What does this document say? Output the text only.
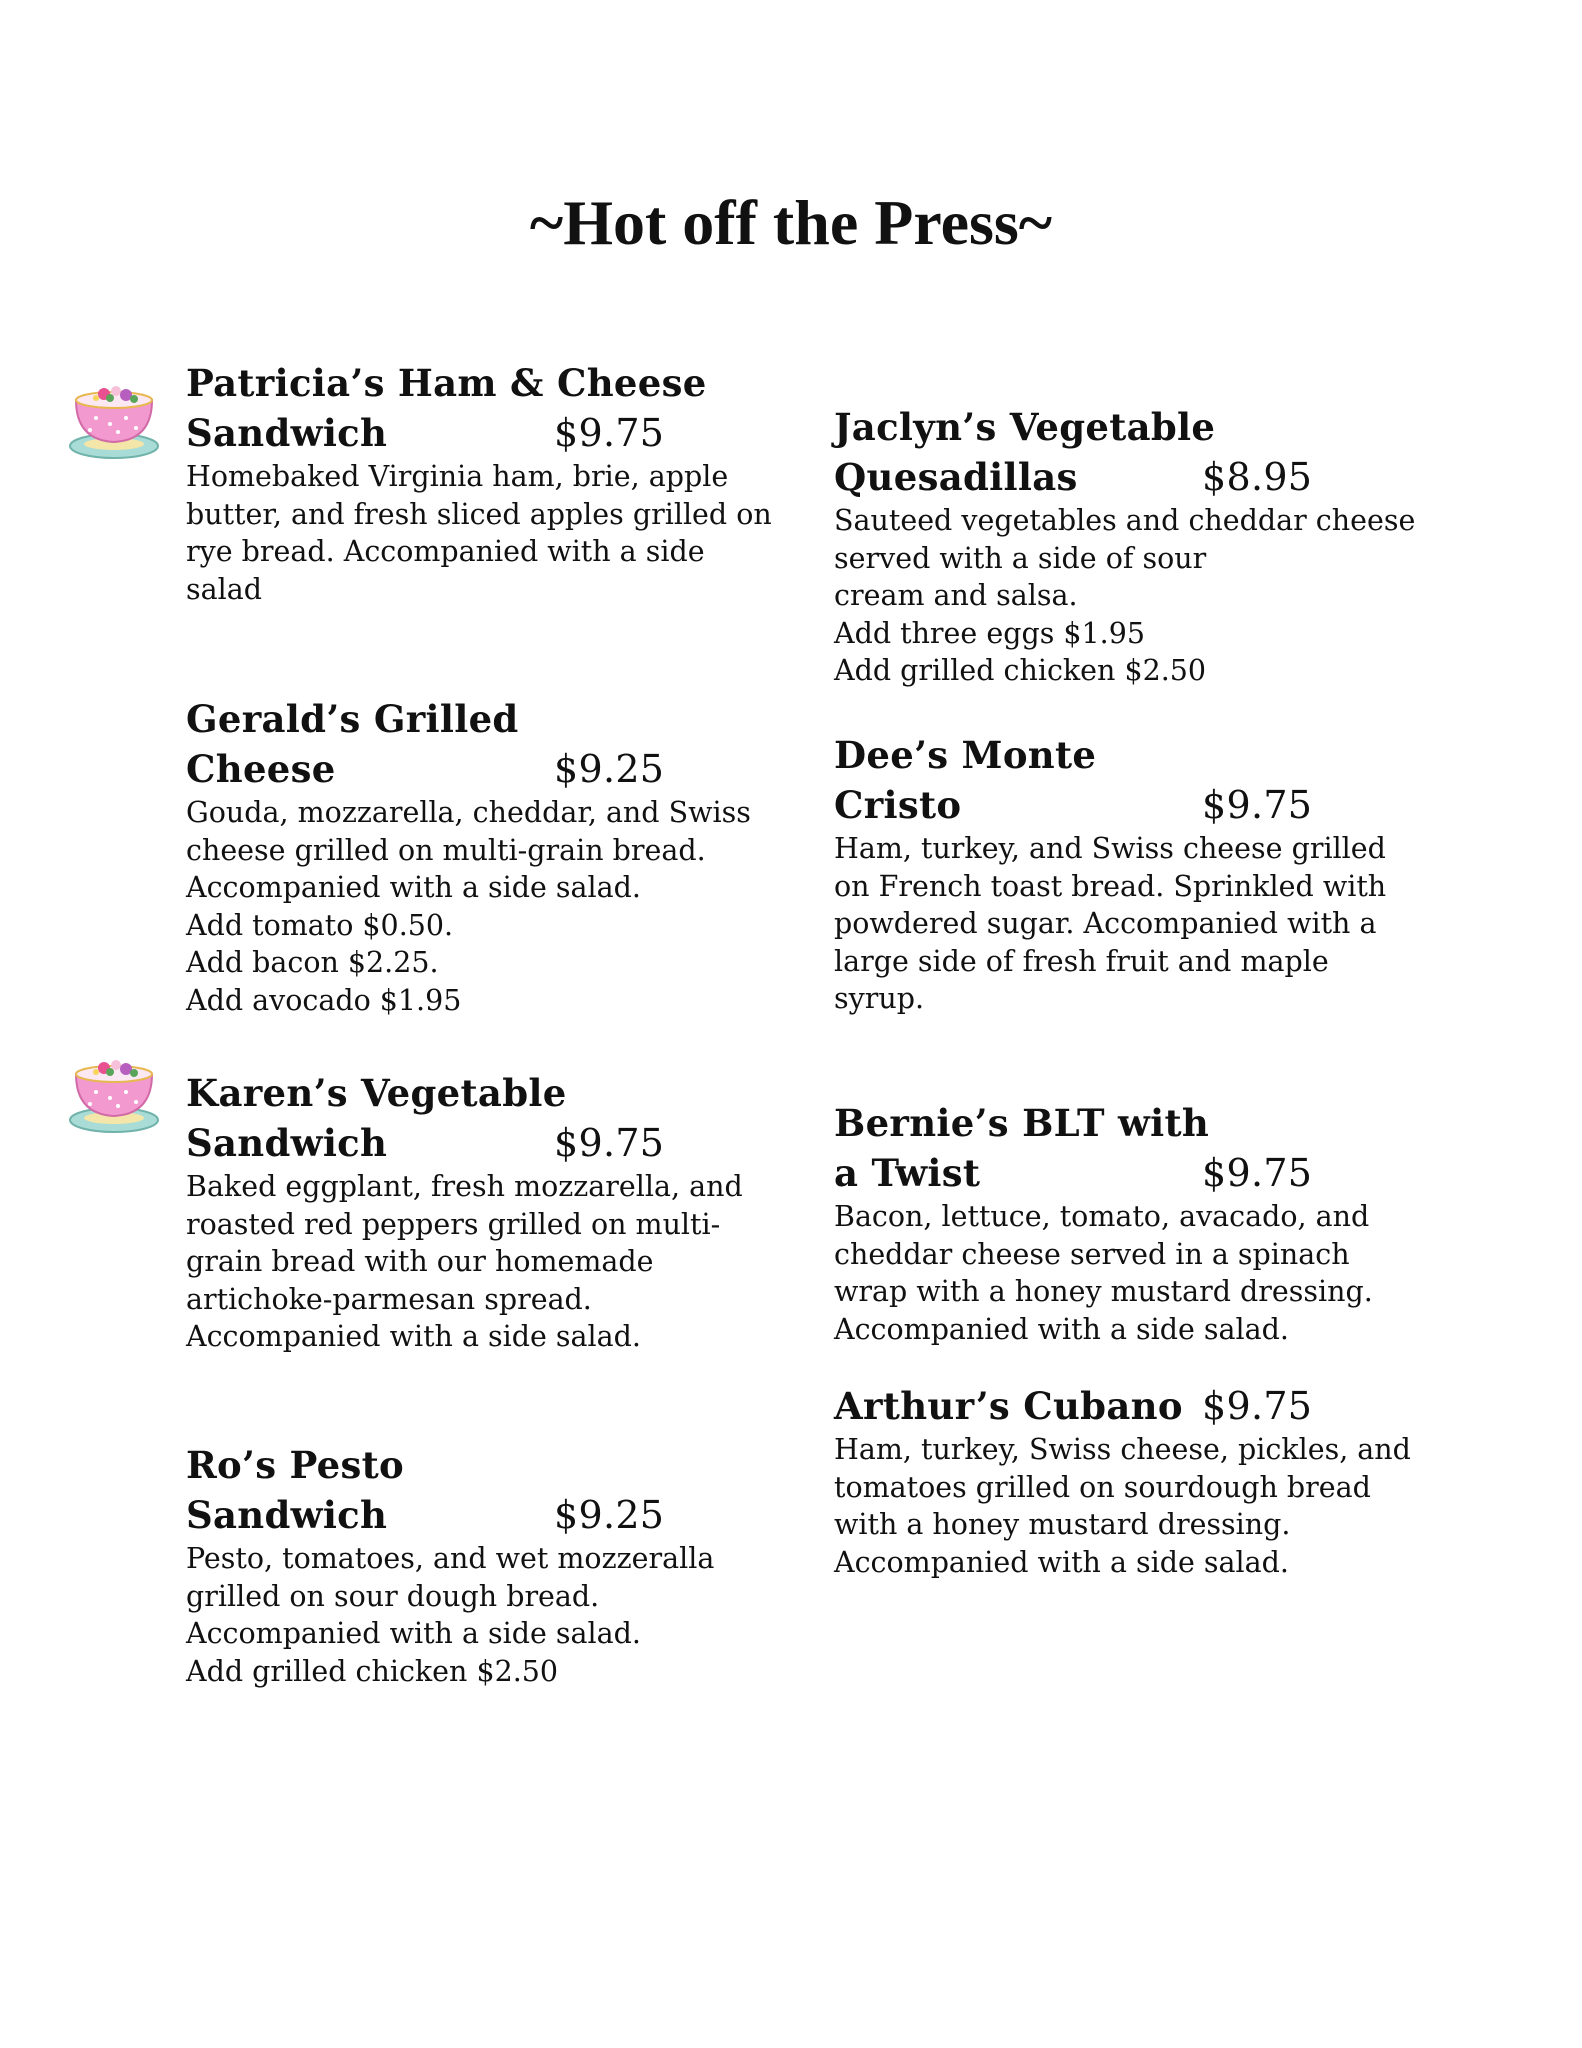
~Hot off the Press~
Patricia’s Ham & Cheese
Sandwich	$9.75
Homebaked Virginia ham, brie, apple
butter, and fresh sliced apples grilled on
rye bread. Accompanied with a side
salad
Gerald’s Grilled
Cheese	$9.25
Gouda, mozzarella, cheddar, and Swiss
cheese grilled on multi-grain bread.
Accompanied with a side salad.
Add tomato $0.50.
Add bacon $2.25.
Add avocado $1.95
Karen’s Vegetable
Sandwich	$9.75
Baked eggplant, fresh mozzarella, and
roasted red peppers grilled on multi-
grain bread with our homemade
artichoke-parmesan spread.
Accompanied with a side salad.
Ro’s Pesto
Sandwich	$9.25
Pesto, tomatoes, and wet mozzeralla
grilled on sour dough bread.
Accompanied with a side salad.
Add grilled chicken $2.50
Jaclyn’s Vegetable
Quesadillas	$8.95
Sauteed vegetables and cheddar cheese
served with a side of sour
cream and salsa.
Add three eggs $1.95
Add grilled chicken $2.50
Dee’s Monte
Cristo	$9.75
Ham, turkey, and Swiss cheese grilled
on French toast bread. Sprinkled with
powdered sugar. Accompanied with a
large side of fresh fruit and maple
syrup.
Bernie’s BLT with
a Twist	$9.75
Bacon, lettuce, tomato, avacado, and
cheddar cheese served in a spinach
wrap with a honey mustard dressing.
Accompanied with a side salad.
Arthur’s Cubano $9.75
Ham, turkey, Swiss cheese, pickles, and
tomatoes grilled on sourdough bread
with a honey mustard dressing.
Accompanied with a side salad.
